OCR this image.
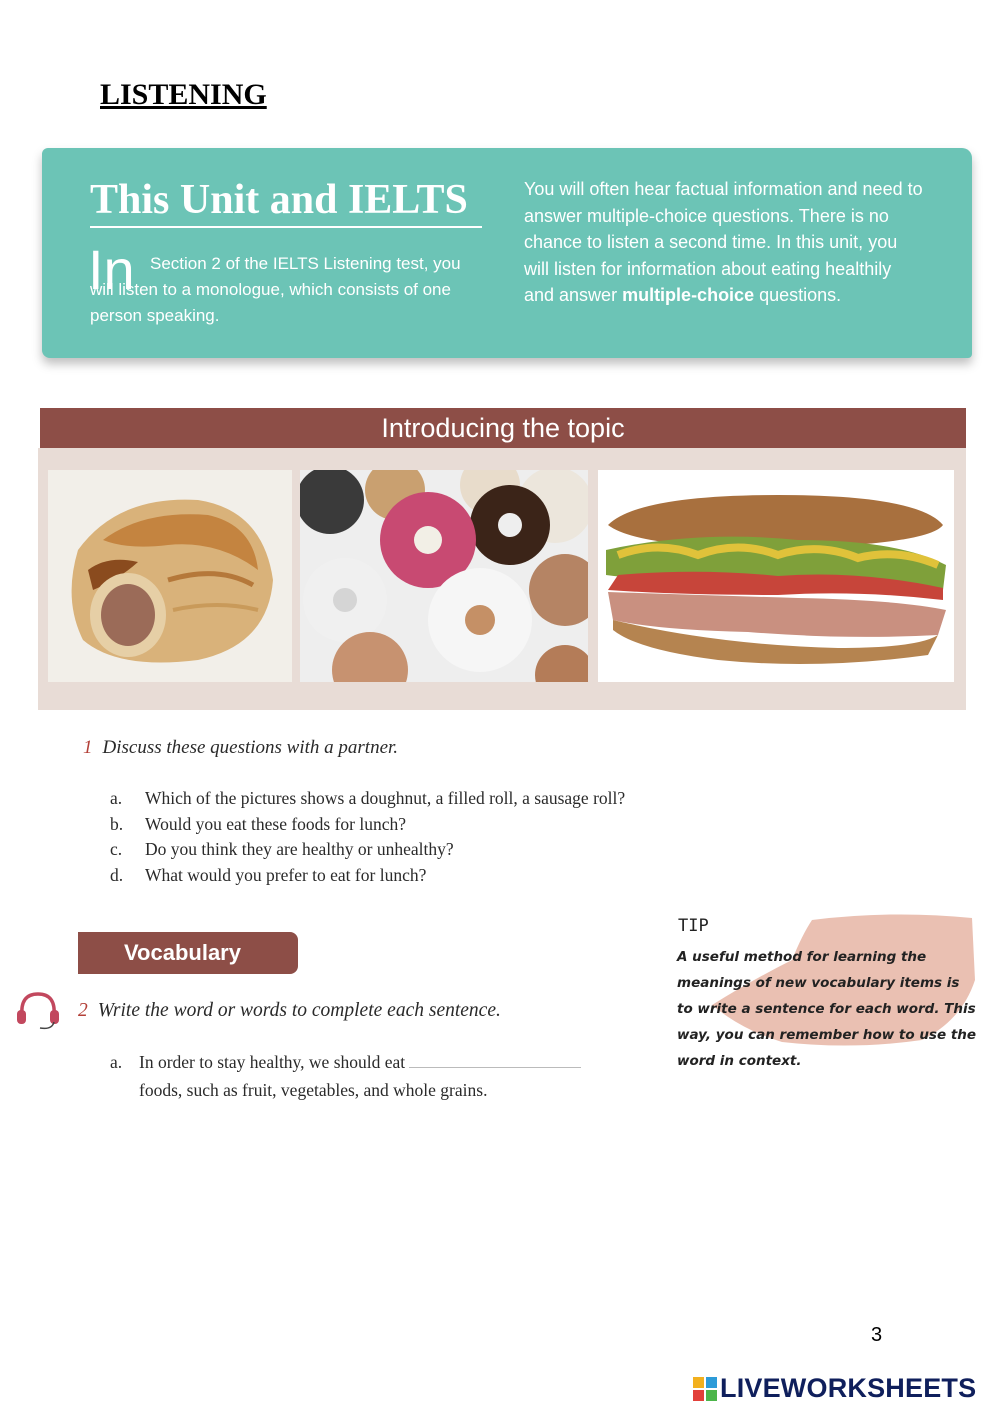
LISTENING
This Unit and IELTS
In Section 2 of the IELTS Listening test, you will listen to a monologue, which consists of one person speaking.
You will often hear factual information and need to answer multiple-choice questions. There is no chance to listen a second time. In this unit, you will listen for information about eating healthily and answer multiple-choice questions.
Introducing the topic
1 Discuss these questions with a partner.
a. Which of the pictures shows a doughnut, a filled roll, a sausage roll?
b. Would you eat these foods for lunch?
c. Do you think they are healthy or unhealthy?
d. What would you prefer to eat for lunch?
Vocabulary
2 Write the word or words to complete each sentence.
a. In order to stay healthy, we should eat
foods, such as fruit, vegetables, and whole grains.
TIP
A useful method for learning the meanings of new vocabulary items is to write a sentence for each word. This way, you can remember how to use the word in context.
3
LIVEWORKSHEETS
